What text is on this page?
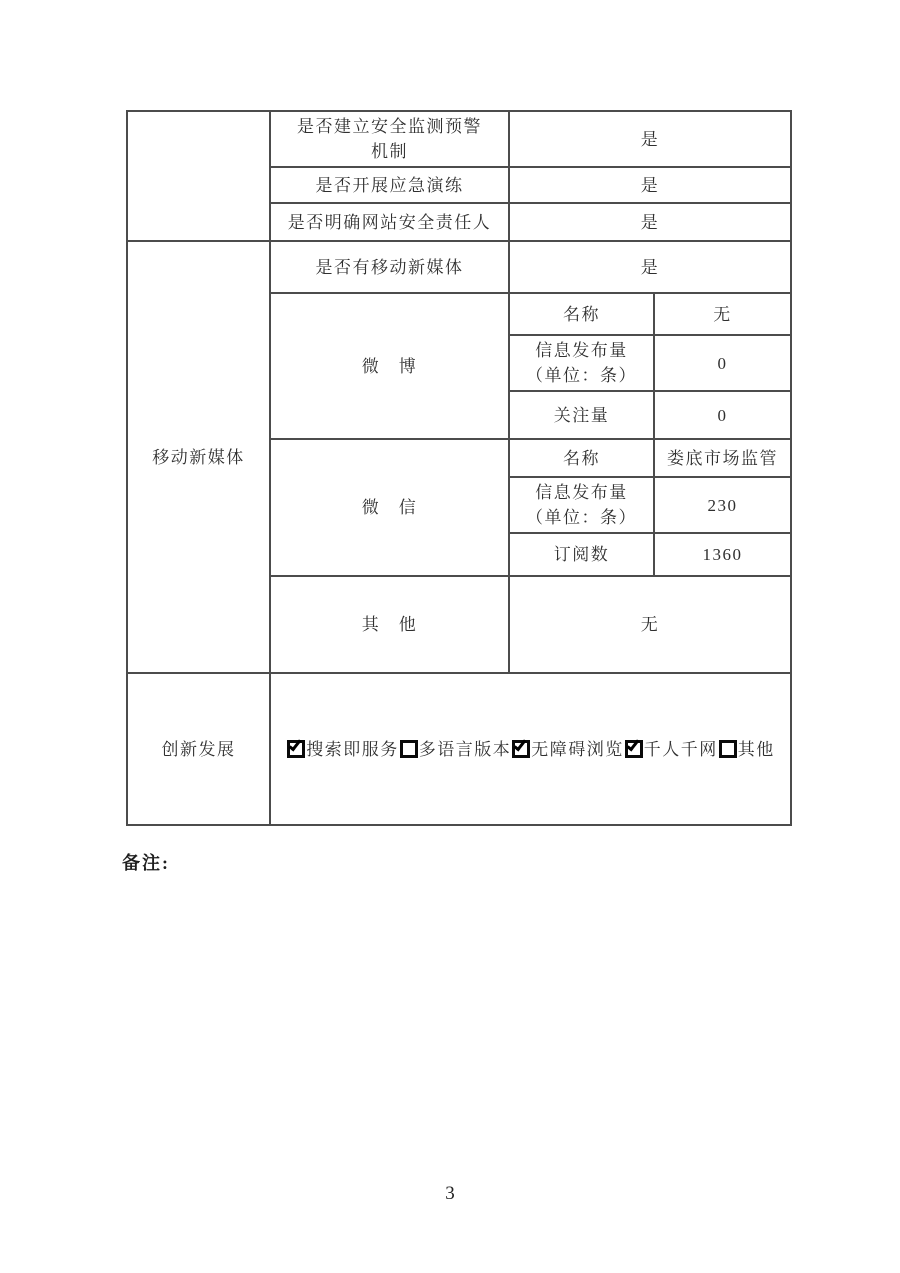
	是否建立安全监测预警
机制	是	
	是否开展应急演练	是	
	是否明确网站安全责任人	是	
移动新媒体	是否有移动新媒体	是	
	微　博	名称	无

		信息发布量
（单位：条）	0
		关注量	0
	微　信	名称	娄底市场监管

		信息发布量
（单位：条）	230
		订阅数	1360
	其　他	无	
创新发展	搜索即服务 多语言版本 无障碍浏览 千人千网 其他		
备注:
3
